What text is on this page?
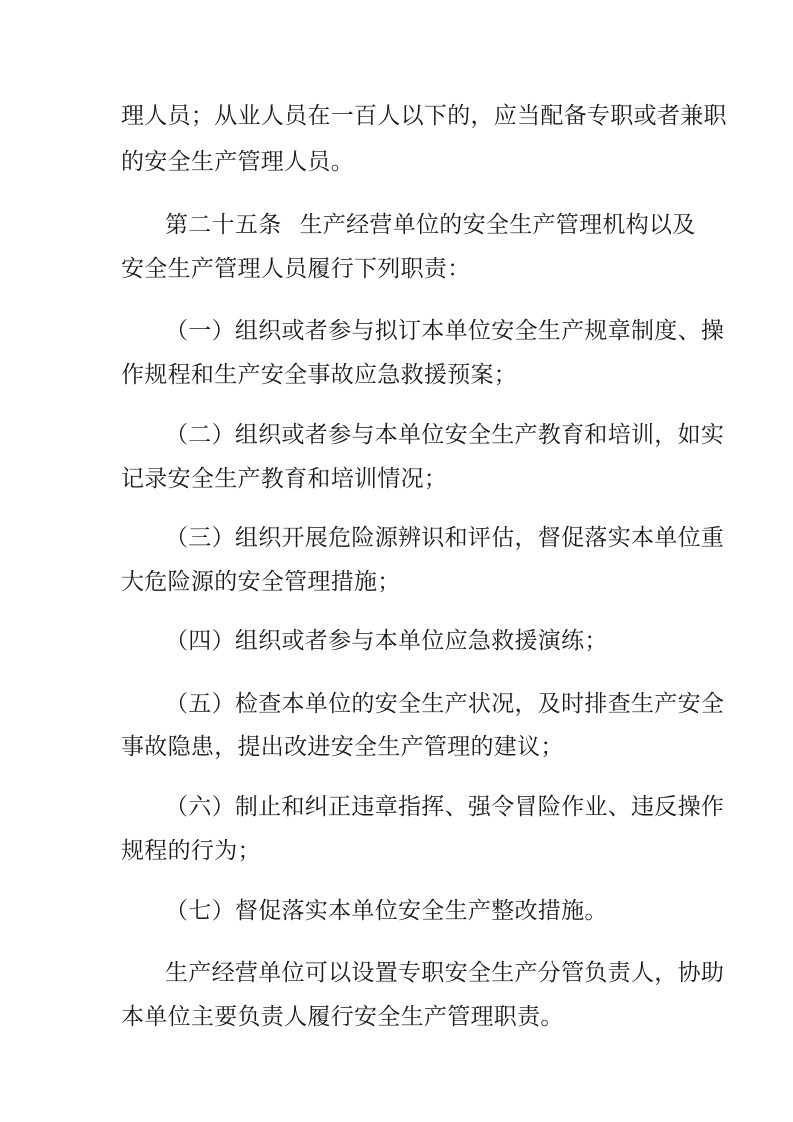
理人员；从业人员在一百人以下的，应当配备专职或者兼职
的安全生产管理人员。
第二十五条 生产经营单位的安全生产管理机构以及
安全生产管理人员履行下列职责：
（一）组织或者参与拟订本单位安全生产规章制度、操
作规程和生产安全事故应急救援预案；
（二）组织或者参与本单位安全生产教育和培训，如实
记录安全生产教育和培训情况；
（三）组织开展危险源辨识和评估，督促落实本单位重
大危险源的安全管理措施；
（四）组织或者参与本单位应急救援演练；
（五）检查本单位的安全生产状况，及时排查生产安全
事故隐患，提出改进安全生产管理的建议；
（六）制止和纠正违章指挥、强令冒险作业、违反操作
规程的行为；
（七）督促落实本单位安全生产整改措施。
生产经营单位可以设置专职安全生产分管负责人，协助
本单位主要负责人履行安全生产管理职责。
